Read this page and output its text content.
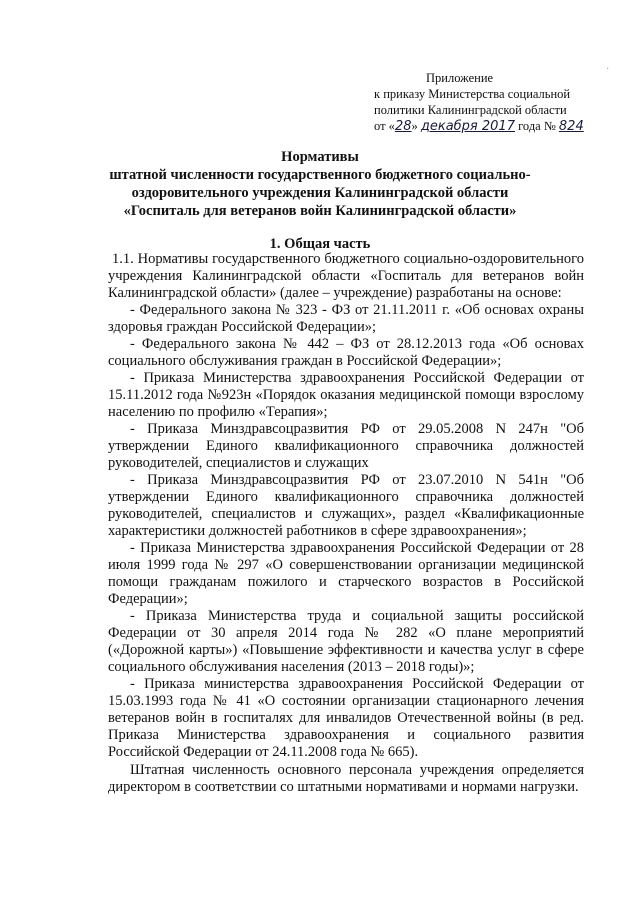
·
Приложение
к приказу Министерства социальной
политики Калининградской области
от «28» декабря 2017 года № 824
Нормативы
штатной численности государственного бюджетного социально-
оздоровительного учреждения Калининградской области
«Госпиталь для ветеранов войн Калининградской области»
1. Общая часть

1.1. Нормативы государственного бюджетного социально-оздоровительного учреждения Калининградской области «Госпиталь для ветеранов войн Калининградской области» (далее – учреждение) разработаны на основе:

- Федерального закона № 323 - ФЗ от 21.11.2011 г. «Об основах охраны здоровья граждан Российской Федерации»;

- Федерального закона № 442 – ФЗ от 28.12.2013 года «Об основах социального обслуживания граждан в Российской Федерации»;

- Приказа Министерства здравоохранения Российской Федерации от 15.11.2012 года №923н «Порядок оказания медицинской помощи взрослому населению по профилю «Терапия»;

- Приказа Минздравсоцразвития РФ от 29.05.2008 N 247н "Об утверждении Единого квалификационного справочника должностей руководителей, специалистов и служащих

- Приказа Минздравсоцразвития РФ от 23.07.2010 N 541н "Об утверждении Единого квалификационного справочника должностей руководителей, специалистов и служащих», раздел «Квалификационные характеристики должностей работников в сфере здравоохранения»;

- Приказа Министерства здравоохранения Российской Федерации от 28 июля 1999 года № 297 «О совершенствовании организации медицинской помощи гражданам пожилого и старческого возрастов в Российской Федерации»;

- Приказа Министерства труда и социальной защиты российской Федерации от 30 апреля 2014 года № 282 «О плане мероприятий («Дорожной карты») «Повышение эффективности и качества услуг в сфере социального обслуживания населения (2013 – 2018 годы)»;

- Приказа министерства здравоохранения Российской Федерации от 15.03.1993 года № 41 «О состоянии организации стационарного лечения ветеранов войн в госпиталях для инвалидов Отечественной войны (в ред. Приказа Министерства здравоохранения и социального развития Российской Федерации от 24.11.2008 года № 665).

Штатная численность основного персонала учреждения определяется директором в соответствии со штатными нормативами и нормами нагрузки.
